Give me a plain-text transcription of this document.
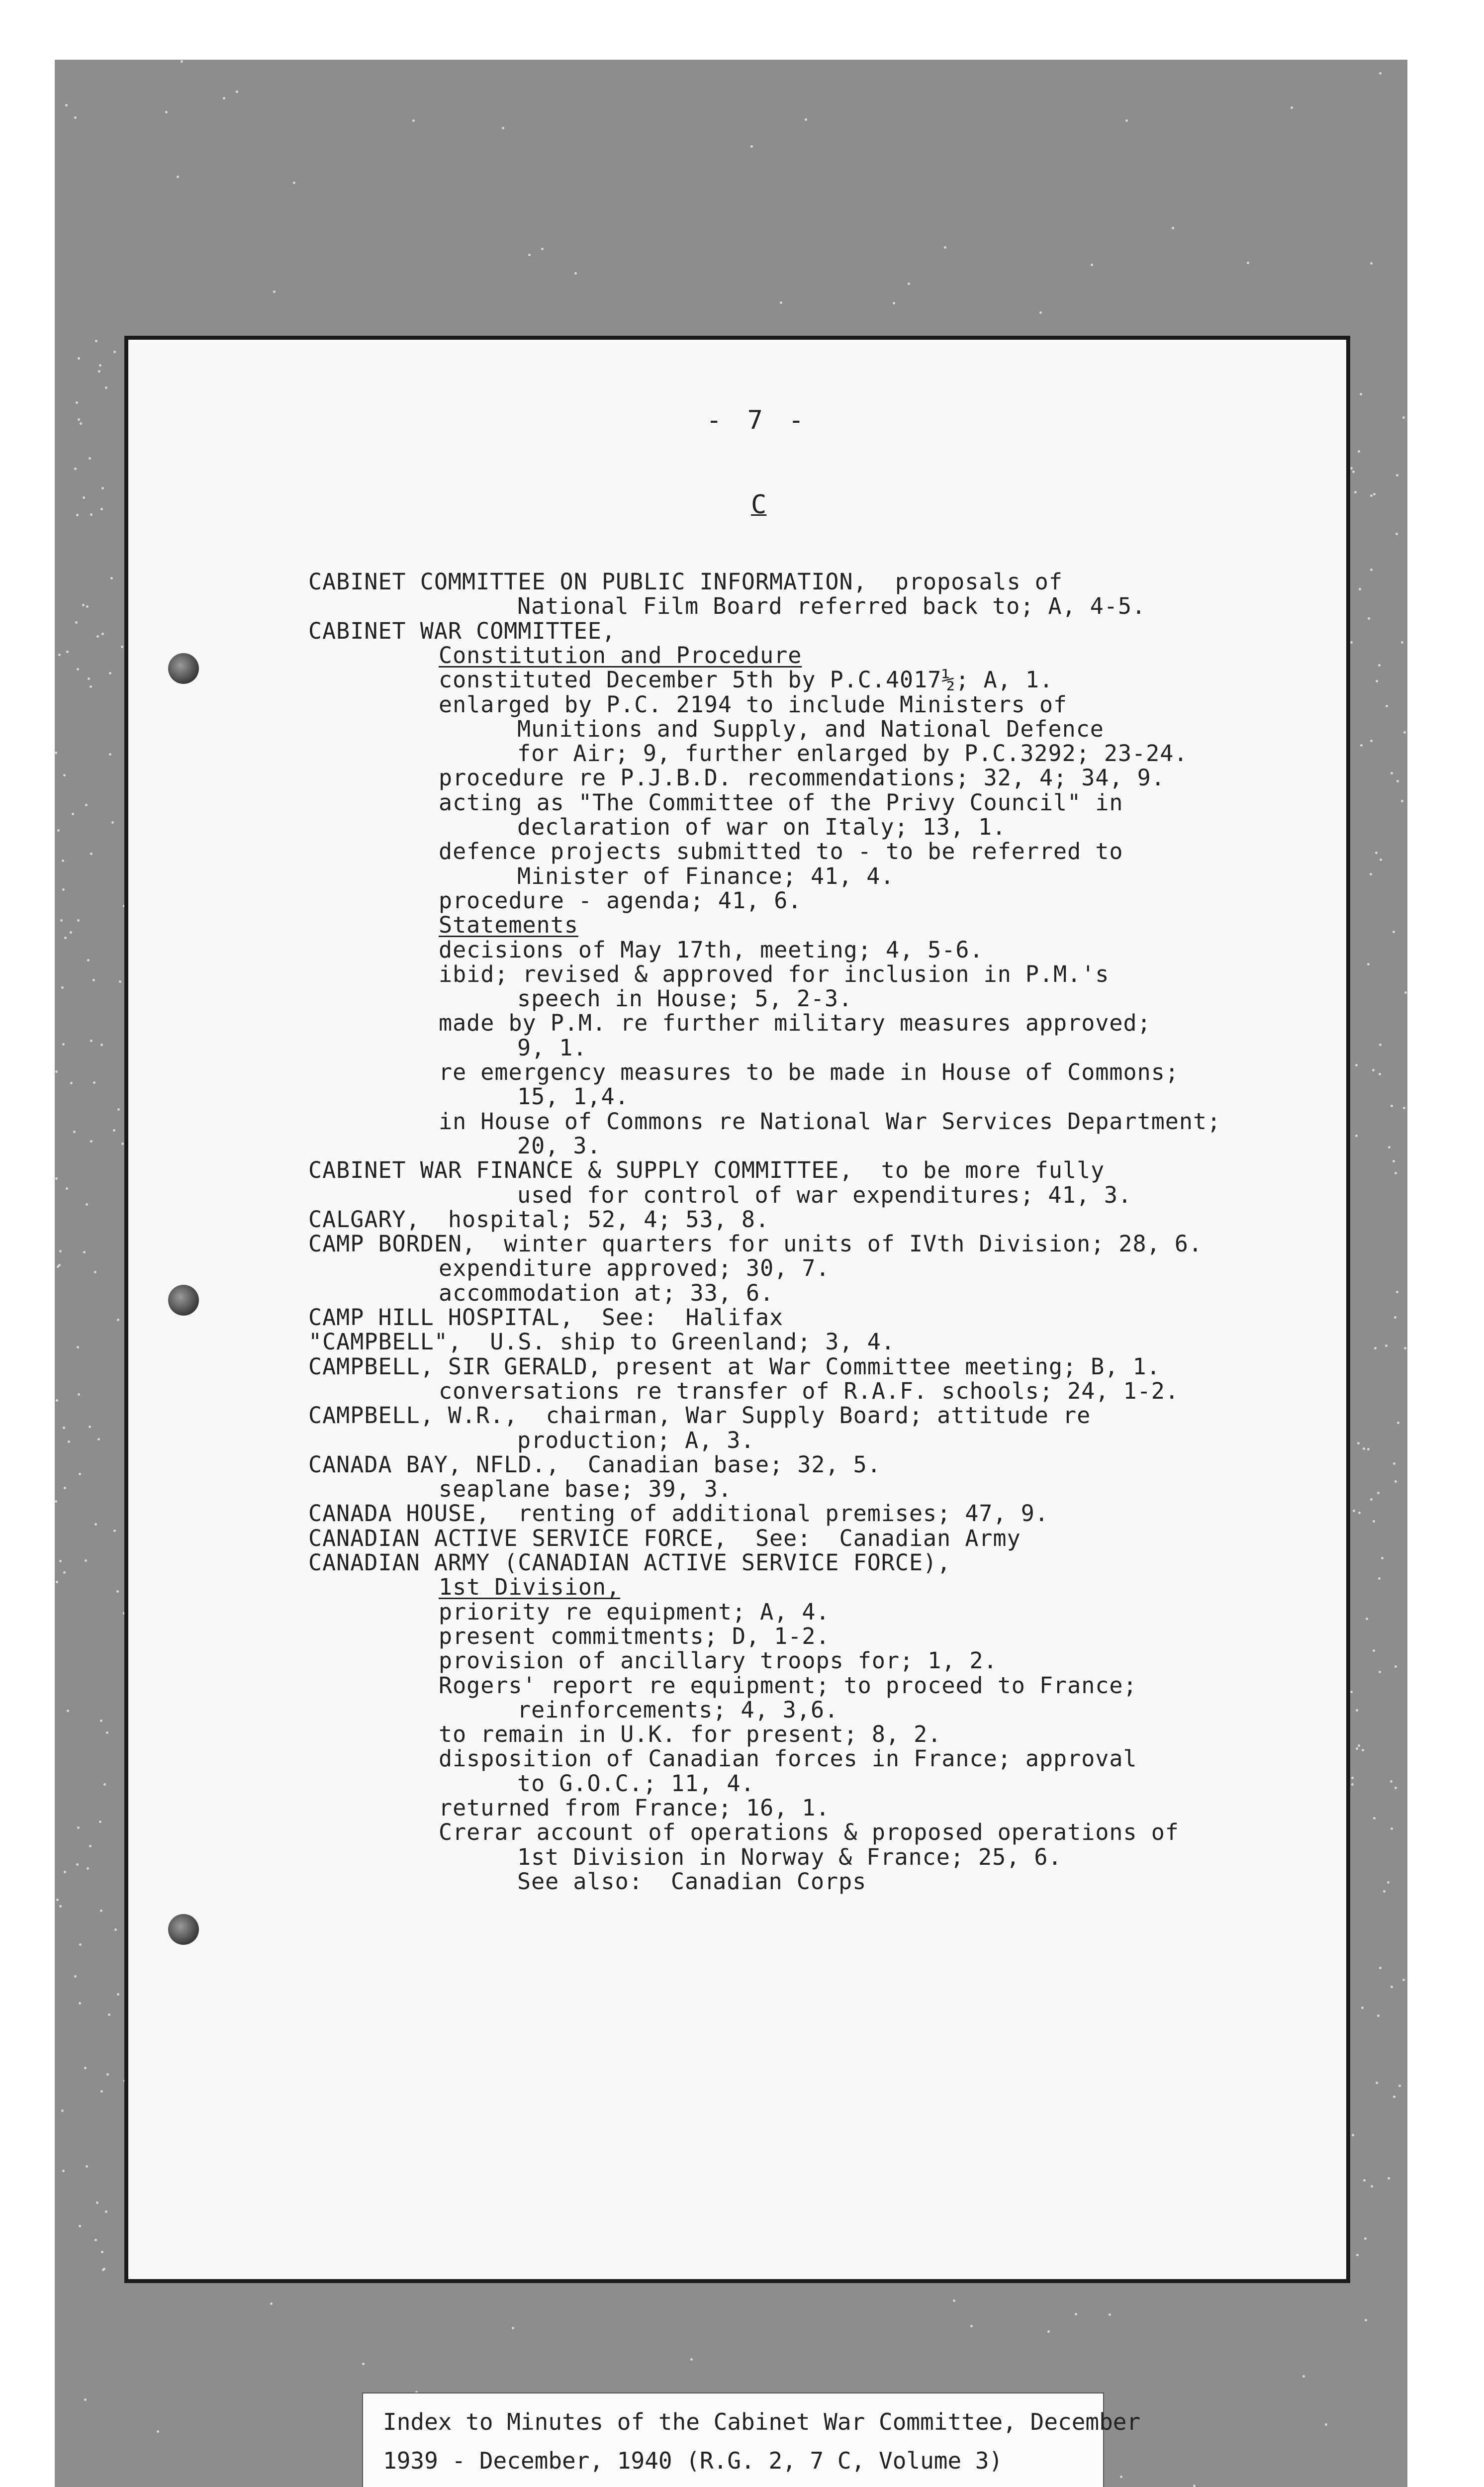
- 7 -
C
CABINET COMMITTEE ON PUBLIC INFORMATION,  proposals of
National Film Board referred back to; A, 4-5.
CABINET WAR COMMITTEE,
Constitution and Procedure
constituted December 5th by P.C.4017½; A, 1.
enlarged by P.C. 2194 to include Ministers of
Munitions and Supply, and National Defence
for Air; 9, further enlarged by P.C.3292; 23-24.
procedure re P.J.B.D. recommendations; 32, 4; 34, 9.
acting as "The Committee of the Privy Council" in
declaration of war on Italy; 13, 1.
defence projects submitted to - to be referred to
Minister of Finance; 41, 4.
procedure - agenda; 41, 6.
Statements
decisions of May 17th, meeting; 4, 5-6.
ibid; revised & approved for inclusion in P.M.'s
speech in House; 5, 2-3.
made by P.M. re further military measures approved;
9, 1.
re emergency measures to be made in House of Commons;
15, 1,4.
in House of Commons re National War Services Department;
20, 3.
CABINET WAR FINANCE & SUPPLY COMMITTEE,  to be more fully
used for control of war expenditures; 41, 3.
CALGARY,  hospital; 52, 4; 53, 8.
CAMP BORDEN,  winter quarters for units of IVth Division; 28, 6.
expenditure approved; 30, 7.
accommodation at; 33, 6.
CAMP HILL HOSPITAL,  See:  Halifax
"CAMPBELL",  U.S. ship to Greenland; 3, 4.
CAMPBELL, SIR GERALD, present at War Committee meeting; B, 1.
conversations re transfer of R.A.F. schools; 24, 1-2.
CAMPBELL, W.R.,  chairman, War Supply Board; attitude re
production; A, 3.
CANADA BAY, NFLD.,  Canadian base; 32, 5.
seaplane base; 39, 3.
CANADA HOUSE,  renting of additional premises; 47, 9.
CANADIAN ACTIVE SERVICE FORCE,  See:  Canadian Army
CANADIAN ARMY (CANADIAN ACTIVE SERVICE FORCE),
1st Division,
priority re equipment; A, 4.
present commitments; D, 1-2.
provision of ancillary troops for; 1, 2.
Rogers' report re equipment; to proceed to France;
reinforcements; 4, 3,6.
to remain in U.K. for present; 8, 2.
disposition of Canadian forces in France; approval
to G.O.C.; 11, 4.
returned from France; 16, 1.
Crerar account of operations & proposed operations of
1st Division in Norway & France; 25, 6.
See also:  Canadian Corps
Index to Minutes of the Cabinet War Committee, December
1939 - December, 1940 (R.G. 2, 7 C, Volume 3)
